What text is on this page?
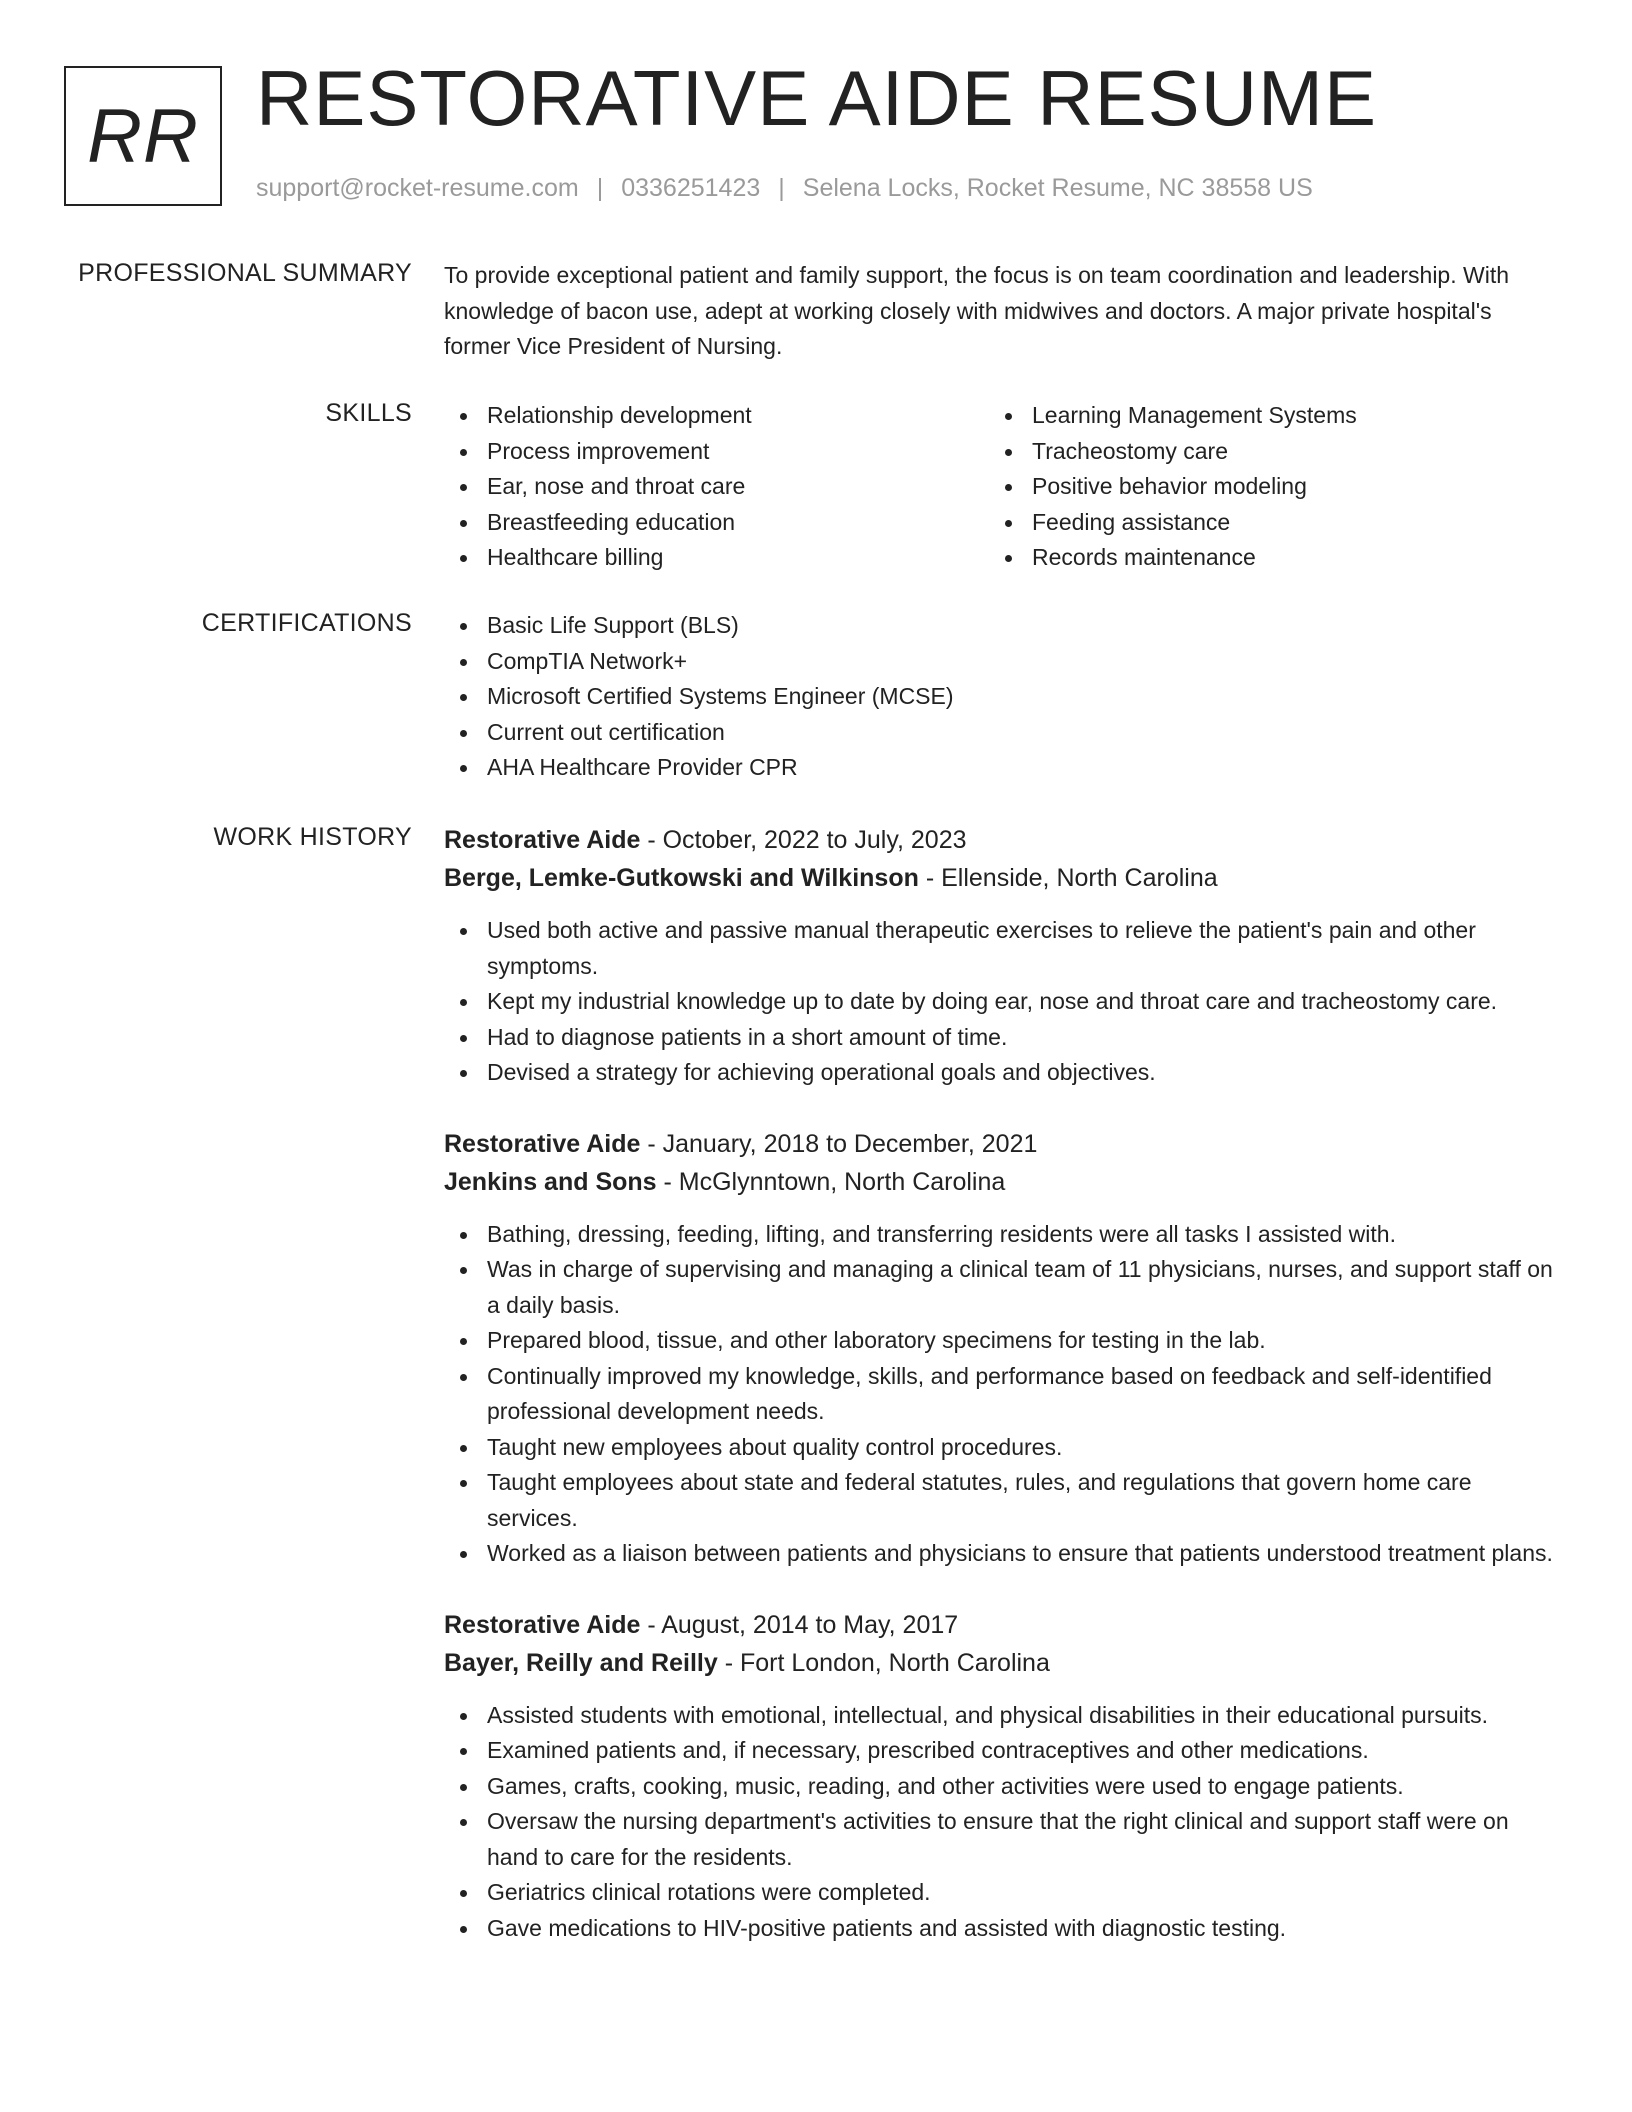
RR RESTORATIVE AIDE RESUME
support@rocket-resume.com | 0336251423 | Selena Locks, Rocket Resume, NC 38558 US
PROFESSIONAL SUMMARY To provide exceptional patient and family support, the focus is on team coordination and leadership. With knowledge of bacon use, adept at working closely with midwives and doctors. A major private hospital's former Vice President of Nursing.

SKILLS	Relationship development
Process improvement
Ear, nose and throat care
Breastfeeding education
Healthcare billing
Learning Management Systems
Tracheostomy care
Positive behavior modeling
Feeding assistance
Records maintenance
CERTIFICATIONS	Basic Life Support (BLS)
CompTIA Network+
Microsoft Certified Systems Engineer (MCSE)
Current out certification
AHA Healthcare Provider CPR
WORK HISTORY Restorative Aide - October, 2022 to July, 2023
Berge, Lemke-Gutkowski and Wilkinson - Ellenside, North Carolina
Used both active and passive manual therapeutic exercises to relieve the patient's pain and other symptoms.
Kept my industrial knowledge up to date by doing ear, nose and throat care and tracheostomy care.
Had to diagnose patients in a short amount of time.
Devised a strategy for achieving operational goals and objectives.
Restorative Aide - January, 2018 to December, 2021
Jenkins and Sons - McGlynntown, North Carolina
Bathing, dressing, feeding, lifting, and transferring residents were all tasks I assisted with.
Was in charge of supervising and managing a clinical team of 11 physicians, nurses, and support staff on a daily basis.
Prepared blood, tissue, and other laboratory specimens for testing in the lab.
Continually improved my knowledge, skills, and performance based on feedback and self-identified professional development needs.
Taught new employees about quality control procedures.
Taught employees about state and federal statutes, rules, and regulations that govern home care services.
Worked as a liaison between patients and physicians to ensure that patients understood treatment plans.
Restorative Aide - August, 2014 to May, 2017
Bayer, Reilly and Reilly - Fort London, North Carolina
Assisted students with emotional, intellectual, and physical disabilities in their educational pursuits.
Examined patients and, if necessary, prescribed contraceptives and other medications.
Games, crafts, cooking, music, reading, and other activities were used to engage patients.
Oversaw the nursing department's activities to ensure that the right clinical and support staff were on hand to care for the residents.
Geriatrics clinical rotations were completed.
Gave medications to HIV-positive patients and assisted with diagnostic testing.
